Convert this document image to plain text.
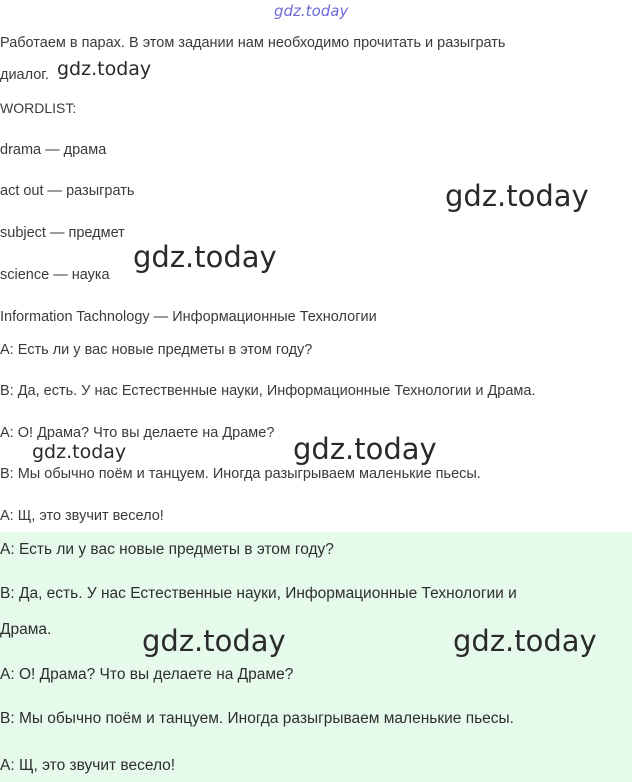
gdz.today
Работаем в парах. В этом задании нам необходимо прочитать и разыграть
диалог. gdz.today
WORDLIST:
drama — драма
act out — разыграть	gdz.today
subject — предмет
gdz.today
science — наука
Information Tachnology — Информационные Технологии
A: Есть ли у вас новые предметы в этом году?
B: Да, есть. У нас Естественные науки, Информационные Технологии и Драма.
A: О! Драма? Что вы делаете на Драме?
gdz.today	gdz.today
B: Мы обычно поём и танцуем. Иногда разыгрываем маленькие пьесы.
A: Щ, это звучит весело!
A: Есть ли у вас новые предметы в этом году?
B: Да, есть. У нас Естественные науки, Информационные Технологии и
Драма.	gdz.today	gdz.today
A: О! Драма? Что вы делаете на Драме?
B: Мы обычно поём и танцуем. Иногда разыгрываем маленькие пьесы.
A: Щ, это звучит весело!
